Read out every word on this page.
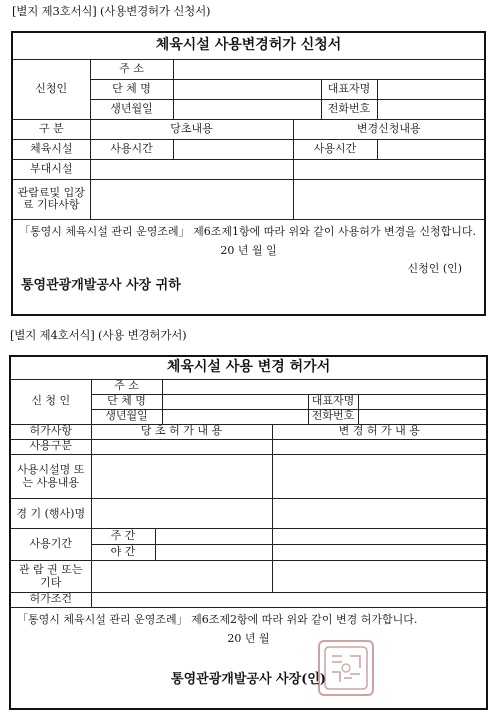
[별지 제3호서식] (사용변경허가 신청서)
체육시설 사용변경허가 신청서					
신청인	주 소				
	단 체 명			대표자명	
	생년월일			전화번호	
구 분	당초내용		변경신청내용		
체육시설	사용시간		사용시간		
부대시설					
관람료및 입장료 기타사항					

「통영시 체육시설 관리 운영조례」 제6조제1항에 따라 위와 같이 사용허가 변경을 신청합니다.
20 년 월 일
신청인 (인)
통영관광개발공사 사장 귀하					
[별지 제4호서식] (사용 변경허가서)
체육시설 사용 변경 허가서						
신 청 인	주 소					
	단 체 명				대표자명	
	생년월일				전화번호	
허가사항	당 초 허 가 내 용			변 경 허 가 내 용		
사용구분						
사용시설명 또는 사용내용						
경 기 (행사)명						
사용기간	주 간					
	야 간					
관 람 권 또는 기타						
허가조건						

「통영시 체육시설 관리 운영조례」 제6조제2항에 따라 위와 같이 변경 허가합니다.
20 년 월
통영관광개발공사 사장(인)						
